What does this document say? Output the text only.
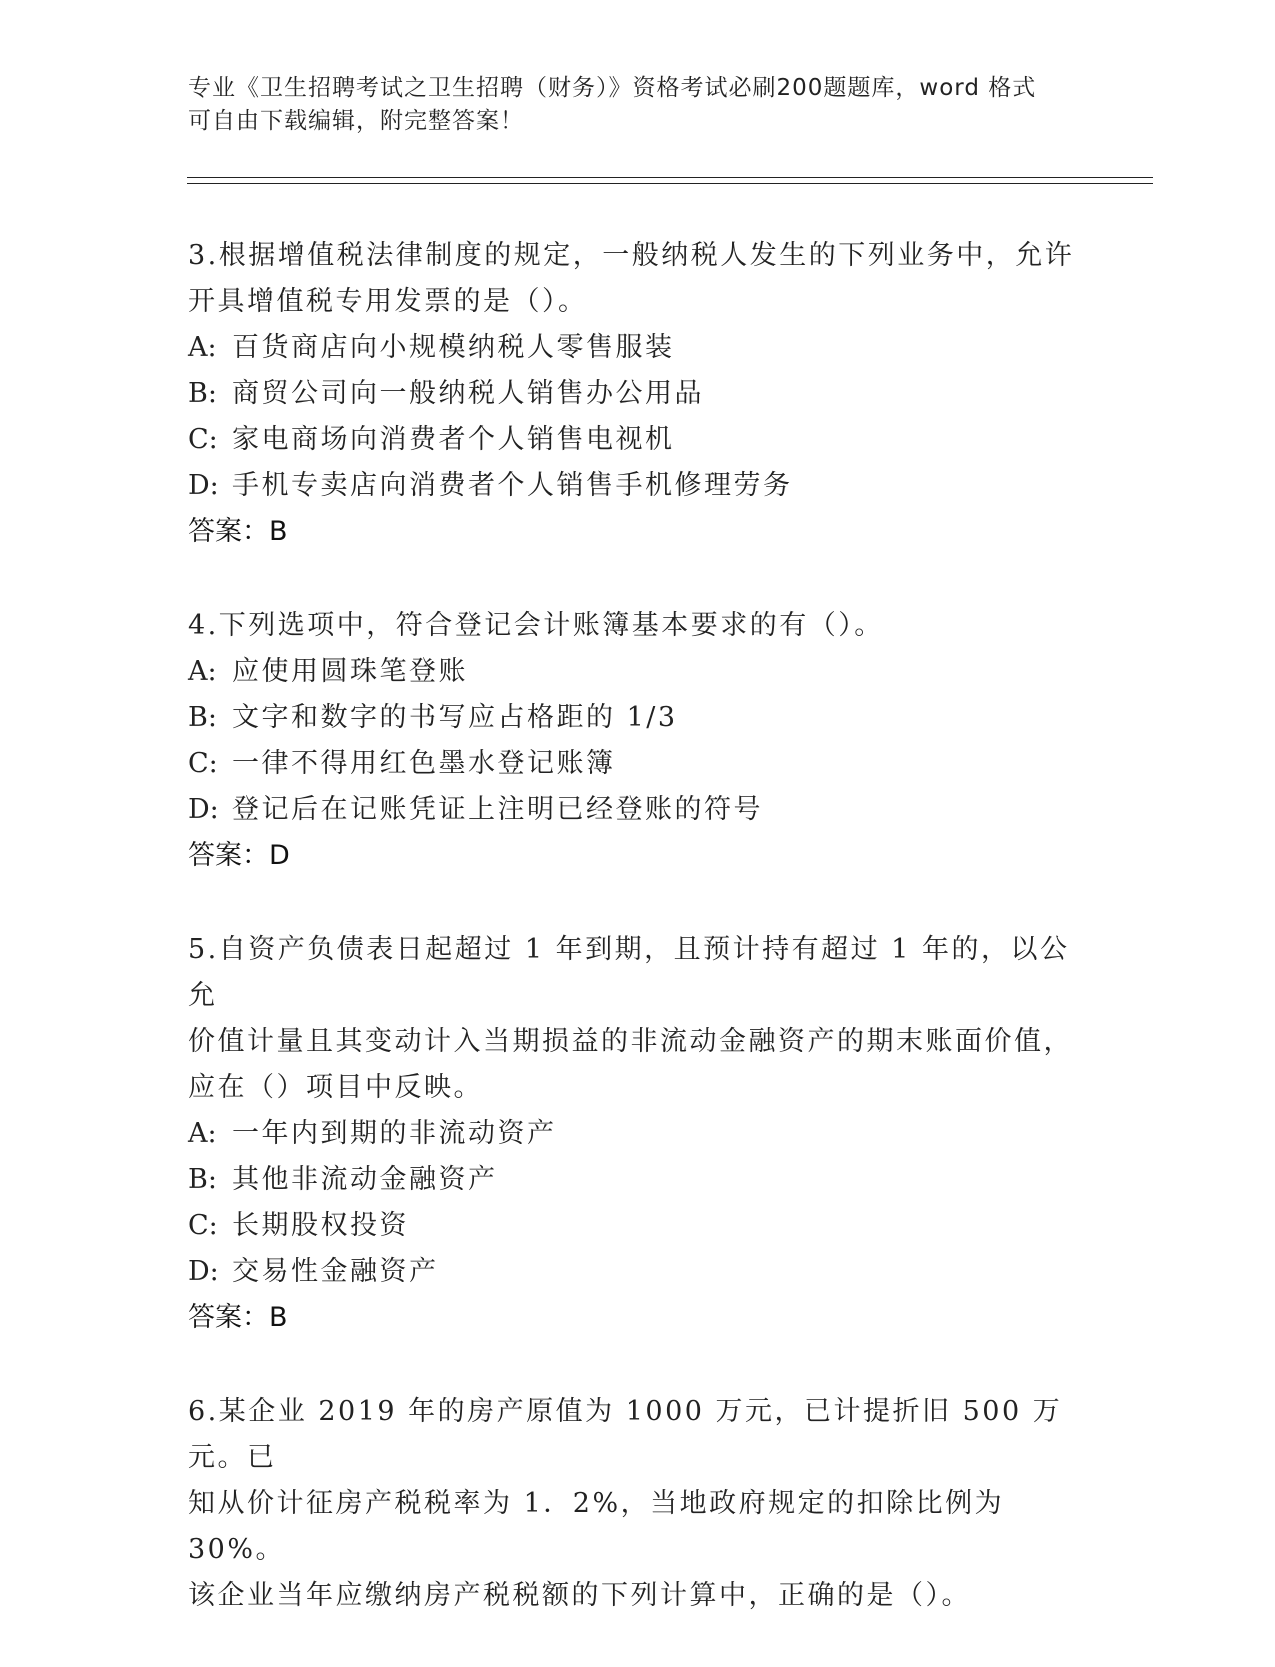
专业《卫生招聘考试之卫生招聘（财务）》资格考试必刷200题题库，word 格式
可自由下载编辑，附完整答案！

3.根据增值税法律制度的规定，一般纳税人发生的下列业务中，允许

开具增值税专用发票的是（）。

A: 百货商店向小规模纳税人零售服装

B: 商贸公司向一般纳税人销售办公用品

C: 家电商场向消费者个人销售电视机

D: 手机专卖店向消费者个人销售手机修理劳务

答案：B

4.下列选项中，符合登记会计账簿基本要求的有（）。

A: 应使用圆珠笔登账

B: 文字和数字的书写应占格距的 1/3

C: 一律不得用红色墨水登记账簿

D: 登记后在记账凭证上注明已经登账的符号

答案：D

5.自资产负债表日起超过 1 年到期，且预计持有超过 1 年的，以公允

价值计量且其变动计入当期损益的非流动金融资产的期末账面价值，

应在（）项目中反映。

A: 一年内到期的非流动资产

B: 其他非流动金融资产

C: 长期股权投资

D: 交易性金融资产

答案：B

6.某企业 2019 年的房产原值为 1000 万元，已计提折旧 500 万元。已

知从价计征房产税税率为 1．2%，当地政府规定的扣除比例为 30%。

该企业当年应缴纳房产税税额的下列计算中，正确的是（）。
